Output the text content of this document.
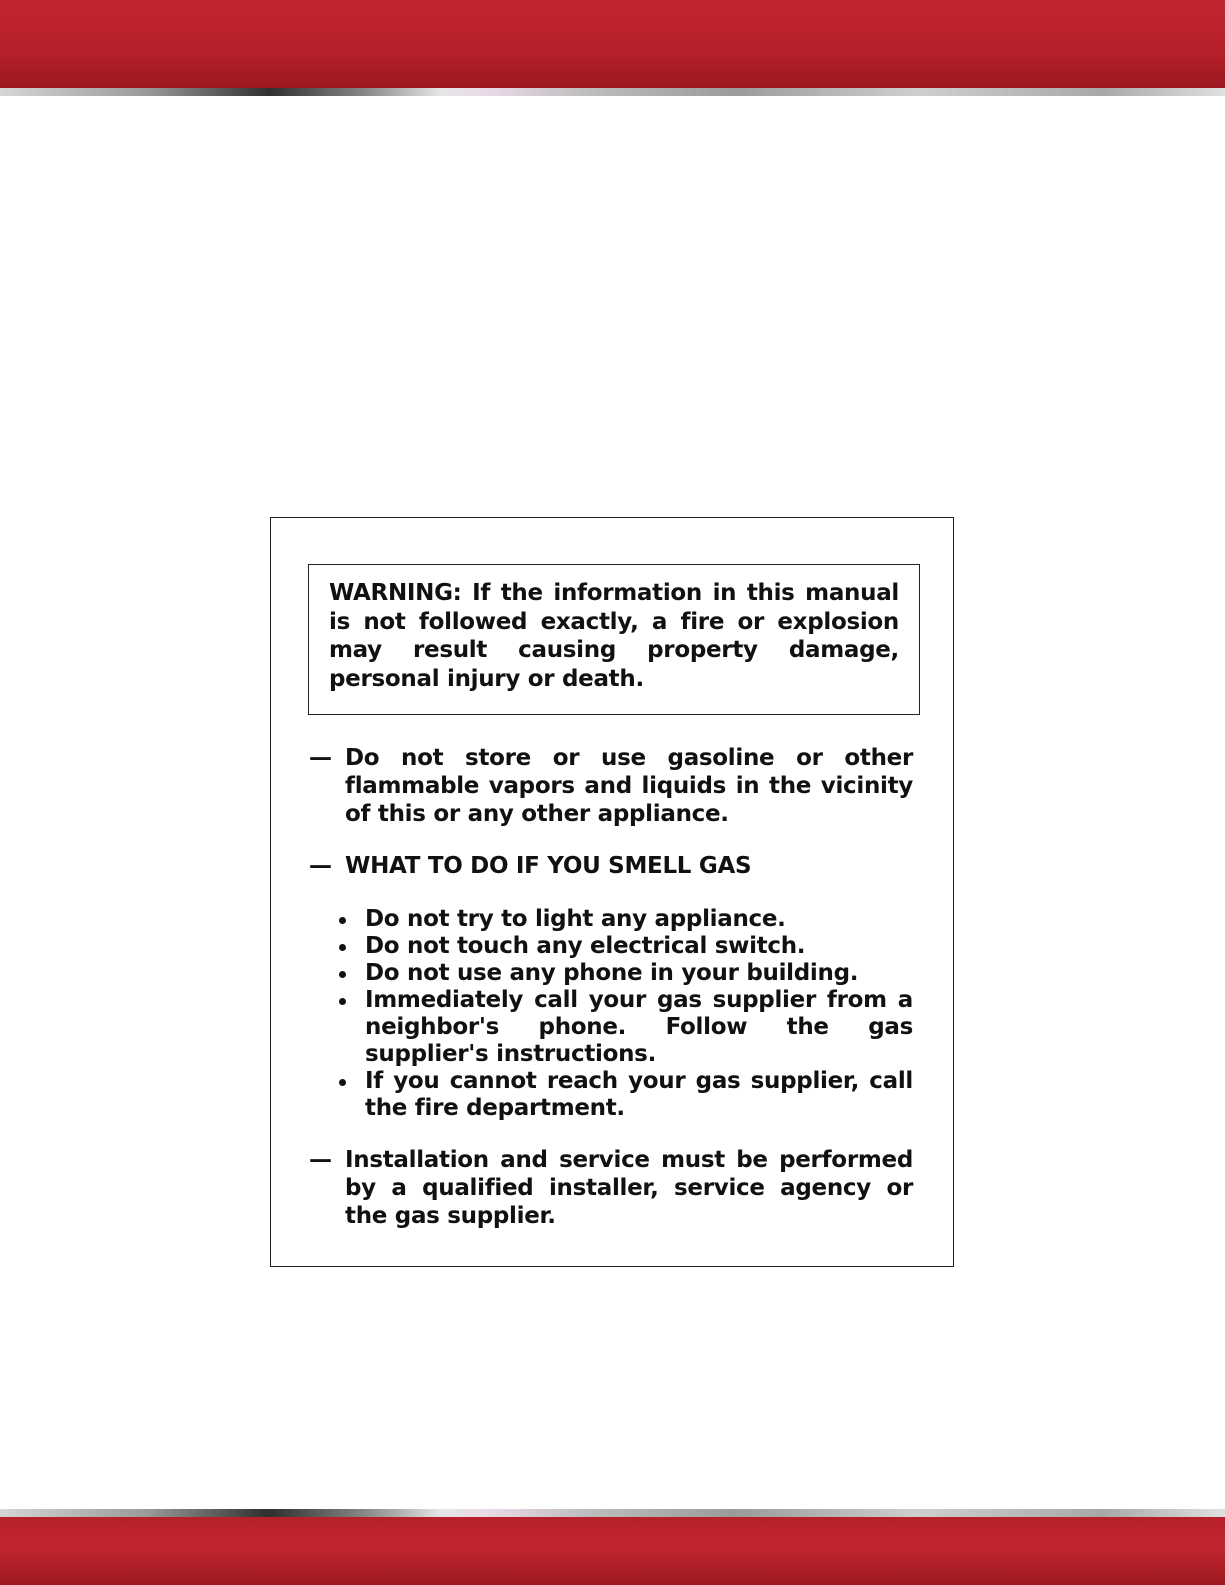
WARNING: If the information in this manual is not followed exactly, a fire or explosion may result causing property damage, personal injury or death.
— Do not store or use gasoline or other flammable vapors and liquids in the vicinity of this or any other appliance.
— WHAT TO DO IF YOU SMELL GAS
Do not try to light any appliance.
Do not touch any electrical switch.
Do not use any phone in your building.
Immediately call your gas supplier from a neighbor's phone. Follow the gas supplier's instructions.
If you cannot reach your gas supplier, call the fire department.
— Installation and service must be performed by a qualified installer, service agency or the gas supplier.
